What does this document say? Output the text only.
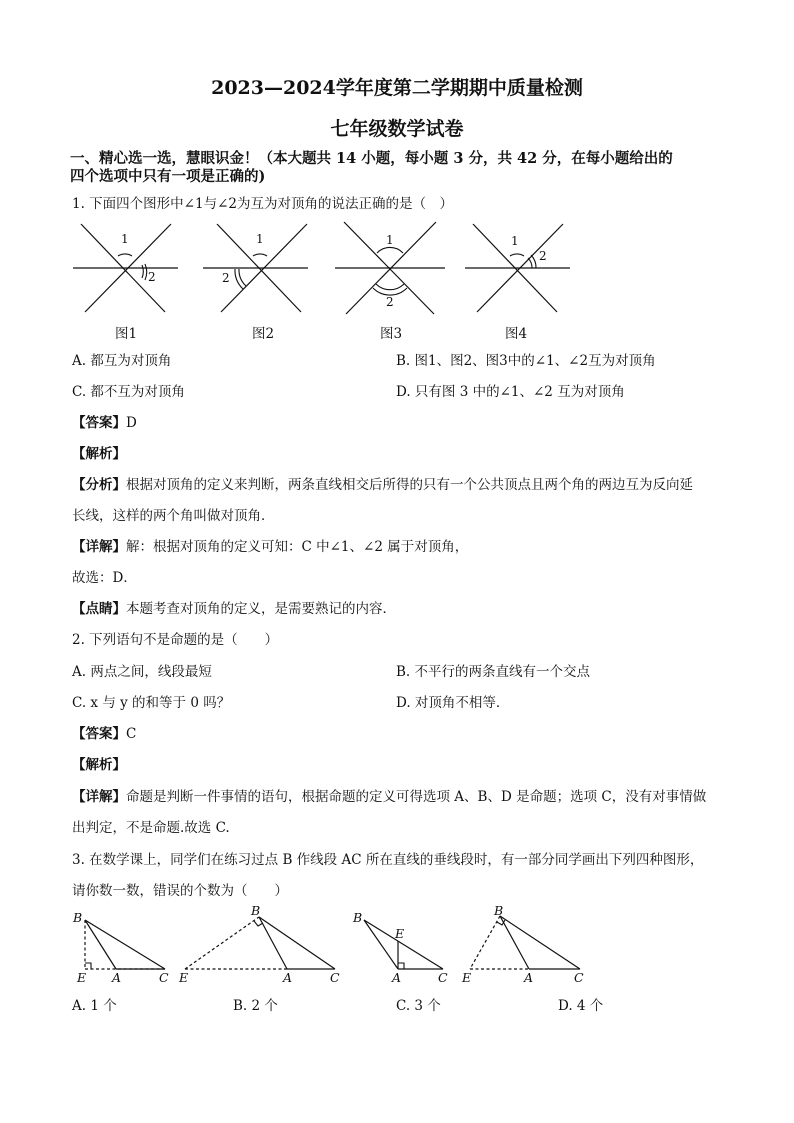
2023—2024学年度第二学期期中质量检测
七年级数学试卷
一、精心选一选，慧眼识金！（本大题共 14 小题，每小题 3 分，共 42 分，在每小题给出的
四个选项中只有一项是正确的)
1. 下面四个图形中∠1与∠2为互为对顶角的说法正确的是（　）
1
2
1
2
1
2
1
2
图1	图2	图3	图4
A. 都互为对顶角	B. 图1、图2、图3中的∠1、∠2互为对顶角
C. 都不互为对顶角	D. 只有图 3 中的∠1、∠2 互为对顶角
【答案】D
【解析】
【分析】根据对顶角的定义来判断，两条直线相交后所得的只有一个公共顶点且两个角的两边互为反向延
长线，这样的两个角叫做对顶角．
【详解】解：根据对顶角的定义可知：C 中∠1、∠2 属于对顶角，
故选：D．
【点睛】本题考查对顶角的定义，是需要熟记的内容．
2. 下列语句不是命题的是（　　）
A. 两点之间，线段最短	B. 不平行的两条直线有一个交点
C. x 与 y 的和等于 0 吗？	D. 对顶角不相等．
【答案】C
【解析】
【详解】命题是判断一件事情的语句，根据命题的定义可得选项 A、B、D 是命题；选项 C，没有对事情做
出判定，不是命题.故选 C.
3. 在数学课上，同学们在练习过点 B 作线段 AC 所在直线的垂线段时，有一部分同学画出下列四种图形，
请你数一数，错误的个数为（　　）
B
E A	C
B
E	A	C
B
E
A	C
B
E	A	C
A. 1 个	B. 2 个	C. 3 个	D. 4 个
